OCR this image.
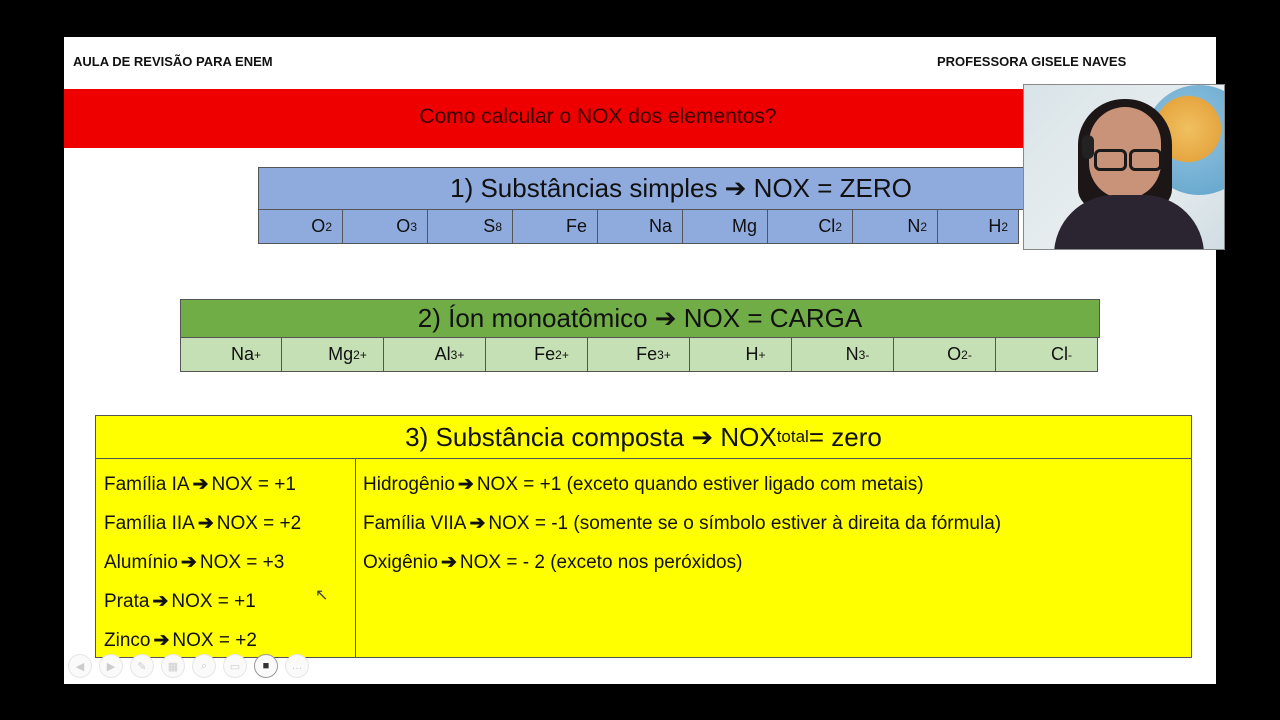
AULA DE REVISÃO PARA ENEM	PROFESSORA GISELE NAVES
Como calcular o NOX dos elementos?
1) Substâncias simples ➔ NOX = ZERO
O 2	O 3	S 8	Fe	Na	Mg	Cl 2	N 2	H 2
2) Íon monoatômico ➔ NOX = CARGA
Na +	Mg 2+	Al 3+	Fe 2+	Fe 3+	H +	N 3-	O 2-	Cl -
3) Substância composta ➔ NOX total = zero
Família IA ➔ NOX = +1
Família IIA ➔ NOX = +2
Alumínio ➔ NOX = +3
Prata ➔ NOX = +1
Zinco ➔ NOX = +2
Hidrogênio ➔ NOX = +1 (exceto quando estiver ligado com metais)
Família VIIA ➔ NOX = -1 (somente se o símbolo estiver à direita da fórmula)
Oxigênio ➔ NOX = - 2 (exceto nos peróxidos)
◀	▶	✎	▦	⌕	▭	■	…
↖
